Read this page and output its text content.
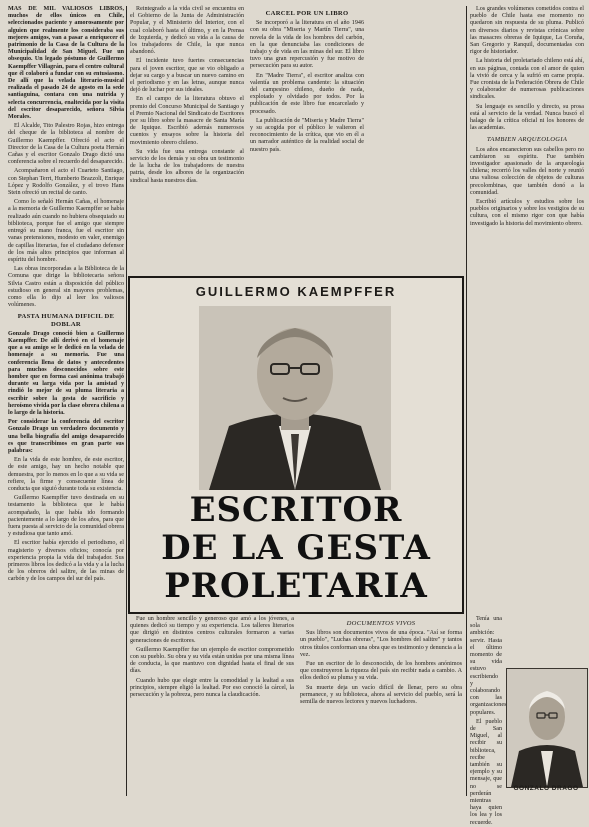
MAS DE MIL VALIOSOS LIBROS, muchos de ellos únicos en Chile, seleccionados paciente y amorosamente por alguien que realmente los consideraba sus mejores amigos, van a pasar a enriquecer el patrimonio de la Casa de la Cultura de la Municipalidad de San Miguel. Fue un obsequio. Un legado póstumo de Guillermo Kaempffer Villagrán, para el centro cultural que él colaboró a fundar con su entusiasmo. De allí que la velada literario-musical realizada el pasado 24 de agosto en la sede santiaguina, contara con una nutrida y selecta concurrencia, enaltecida por la visita del escritor desaparecido, señora Silvia Morales.

El Alcalde, Tito Palestro Rojas, hizo entrega del cheque de la biblioteca al nombre de Guillermo Kaempffer. Ofreció el acto el Director de la Casa de la Cultura poeta Hernán Cañas y el escritor Gonzalo Drago dictó una conferencia sobre el recuerdo del desaparecido.

Acompañaron el acto el Cuarteto Santiago, con Stephan Terrt, Humberto Brazzoli, Enrique López y Rodolfo González, y el trovo Hans Stein ofreció un recital de canto.

Como lo señaló Hernán Cañas, el homenaje a la memoria de Guillermo Kaempffer se había realizado aún cuando no hubiera obsequiado su biblioteca, porque fue el amigo que siempre entregó su mano franca, fue el escritor sin vanas pretensiones, modesto en valer, enemigo de capillas literarias, fue el ciudadano defensor de los más altos principios que informan al espíritu del hombre.

Las obras incorporadas a la Biblioteca de la Comuna que dirige la bibliotecaria señora Silvia Castro están a disposición del público estudioso en general sin mayores problemas, como ella lo dijo al leer los valiosos volúmenes.

PASTA HUMANA DIFICIL DE DOBLAR

Gonzalo Drago conoció bien a Guillermo Kaempffer. De allí derivó en el homenaje que a su amigo se le dedicó en la velada de homenaje a su memoria. Fue una conferencia llena de datos y antecedentes para muchos desconocidos sobre este hombre que en forma casi anónima trabajó durante su larga vida por la amistad y rindió lo mejor de su pluma literaria a escribir sobre la gesta de sacrificio y heroísmo vivida por la clase obrera chilena a lo largo de la historia.

Por considerar la conferencia del escritor Gonzalo Drago un verdadero documento y una bella biografía del amigo desaparecido es que transcribimos en gran parte sus palabras:

En la vida de este hombre, de este escritor, de este amigo, hay un hecho notable que demuestra, por lo menos en lo que a su vida se refiere, la firme y consecuente línea de conducta que siguió durante toda su existencia.

Guillermo Kaempffer tuvo destinada en su testamento la biblioteca que le había acompañado, la que había ido formando pacientemente a lo largo de los años, para que fuera puesta al servicio de la comunidad obrera y estudiosa que tanto amó.

El escritor había ejercido el periodismo, el magisterio y diversos oficios; conocía por experiencia propia la vida del trabajador. Sus primeros libros los dedicó a la vida y a la lucha de los obreros del salitre, de las minas de carbón y de los campos del sur del país.

Reintegrado a la vida civil se encuentra en el Gobierno de la Junta de Administración Popular, y el Ministerio del Interior, con el cual colaboró hasta el último, y en la Prensa de Izquierda, y dedicó su vida a la causa de los trabajadores de Chile, la que nunca abandonó.

El incidente tuvo fuertes consecuencias para el joven escritor, que se vio obligado a dejar su cargo y a buscar un nuevo camino en el periodismo y en las letras, aunque nunca dejó de luchar por sus ideales.

En el campo de la literatura obtuvo el premio del Concurso Municipal de Santiago y el Premio Nacional del Sindicato de Escritores por su libro sobre la masacre de Santa María de Iquique. Escribió además numerosos cuentos y ensayos sobre la historia del movimiento obrero chileno.

Su vida fue una entrega constante al servicio de los demás y su obra un testimonio de la lucha de los trabajadores de nuestra patria, desde los albores de la organización sindical hasta nuestros días.

CARCEL POR UN LIBRO

Se incorporó a la literatura en el año 1946 con su obra "Miseria y Martín Tierra", una novela de la vida de los hombres del carbón, en la que denunciaba las condiciones de trabajo y de vida en las minas del sur. El libro tuvo una gran repercusión y fue motivo de persecución para su autor.

En "Madre Tierra", el escritor analiza con valentía un problema candente: la situación del campesino chileno, dueño de nada, explotado y olvidado por todos. Por la publicación de este libro fue encarcelado y procesado.

La publicación de "Miseria y Madre Tierra" y su acogida por el público le valieron el reconocimiento de la crítica, que vio en él a un narrador auténtico de la realidad social de nuestro país.

Los grandes volúmenes cometidos contra el pueblo de Chile hasta ese momento no quedaron sin respuesta de su pluma. Publicó en diversos diarios y revistas crónicas sobre las masacres obreras de Iquique, La Coruña, San Gregorio y Ranquil, documentadas con rigor de historiador.

La historia del proletariado chileno está ahí, en sus páginas, contada con el amor de quien la vivió de cerca y la sufrió en carne propia. Fue cronista de la Federación Obrera de Chile y colaborador de numerosas publicaciones sindicales.

Su lenguaje es sencillo y directo, su prosa está al servicio de la verdad. Nunca buscó el halago de la crítica oficial ni los honores de las academias.

TAMBIEN ARQUEOLOGIA

Los años encanecieron sus cabellos pero no cambiaron su espíritu. Fue también investigador apasionado de la arqueología chilena; recorrió los valles del norte y reunió una valiosa colección de objetos de culturas precolombinas, que también donó a la comunidad.

Escribió artículos y estudios sobre los pueblos originarios y sobre los vestigios de su cultura, con el mismo rigor con que había investigado la historia del movimiento obrero.

GUILLERMO KAEMPFFER
ESCRITOR
DE LA GESTA
PROLETARIA

Fue un hombre sencillo y generoso que amó a los jóvenes, a quienes dedicó su tiempo y su experiencia. Los talleres literarios que dirigió en distintos centros culturales formaron a varias generaciones de escritores.

Guillermo Kaempffer fue un ejemplo de escritor comprometido con su pueblo. Su obra y su vida están unidas por una misma línea de conducta, la que mantuvo con dignidad hasta el final de sus días.

Cuando hubo que elegir entre la comodidad y la lealtad a sus principios, siempre eligió la lealtad. Por eso conoció la cárcel, la persecución y la pobreza, pero nunca la claudicación.

DOCUMENTOS VIVOS

Sus libros son documentos vivos de una época. "Así se forma un pueblo", "Luchas obreras", "Los hombres del salitre" y tantos otros títulos conforman una obra que es testimonio y denuncia a la vez.

Fue un escritor de lo desconocido, de los hombres anónimos que construyeron la riqueza del país sin recibir nada a cambio. A ellos dedicó su pluma y su vida.

Su muerte deja un vacío difícil de llenar, pero su obra permanece, y su biblioteca, ahora al servicio del pueblo, será la semilla de nuevos lectores y nuevos luchadores.

Tenía una sola ambición: servir. Hasta el último momento de su vida estuvo escribiendo y colaborando con las organizaciones populares.

El pueblo de San Miguel, al recibir su biblioteca, recibe también su ejemplo y su mensaje, que no se perderán mientras haya quien los lea y los recuerde.

GONZALO DRAGO
